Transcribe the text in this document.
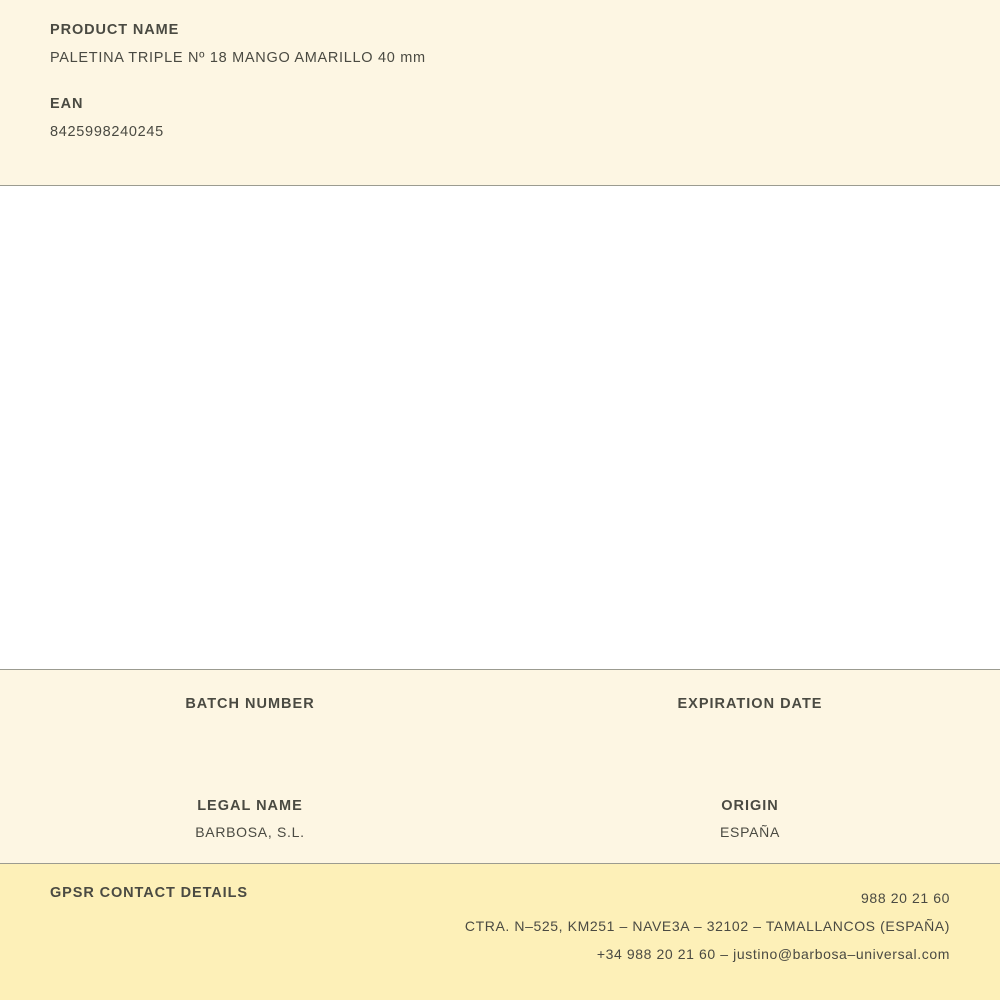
PRODUCT NAME

PALETINA TRIPLE Nº 18 MANGO AMARILLO 40 mm

EAN

8425998240245

BATCH NUMBER	EXPIRATION DATE

LEGAL NAME

BARBOSA, S.L.

ORIGIN

ESPAÑA

GPSR CONTACT DETAILS	988 20 21 60
CTRA. N–525, KM251 – NAVE3A – 32102 – TAMALLANCOS (ESPAÑA)
+34 988 20 21 60 – justino@barbosa–universal.com
